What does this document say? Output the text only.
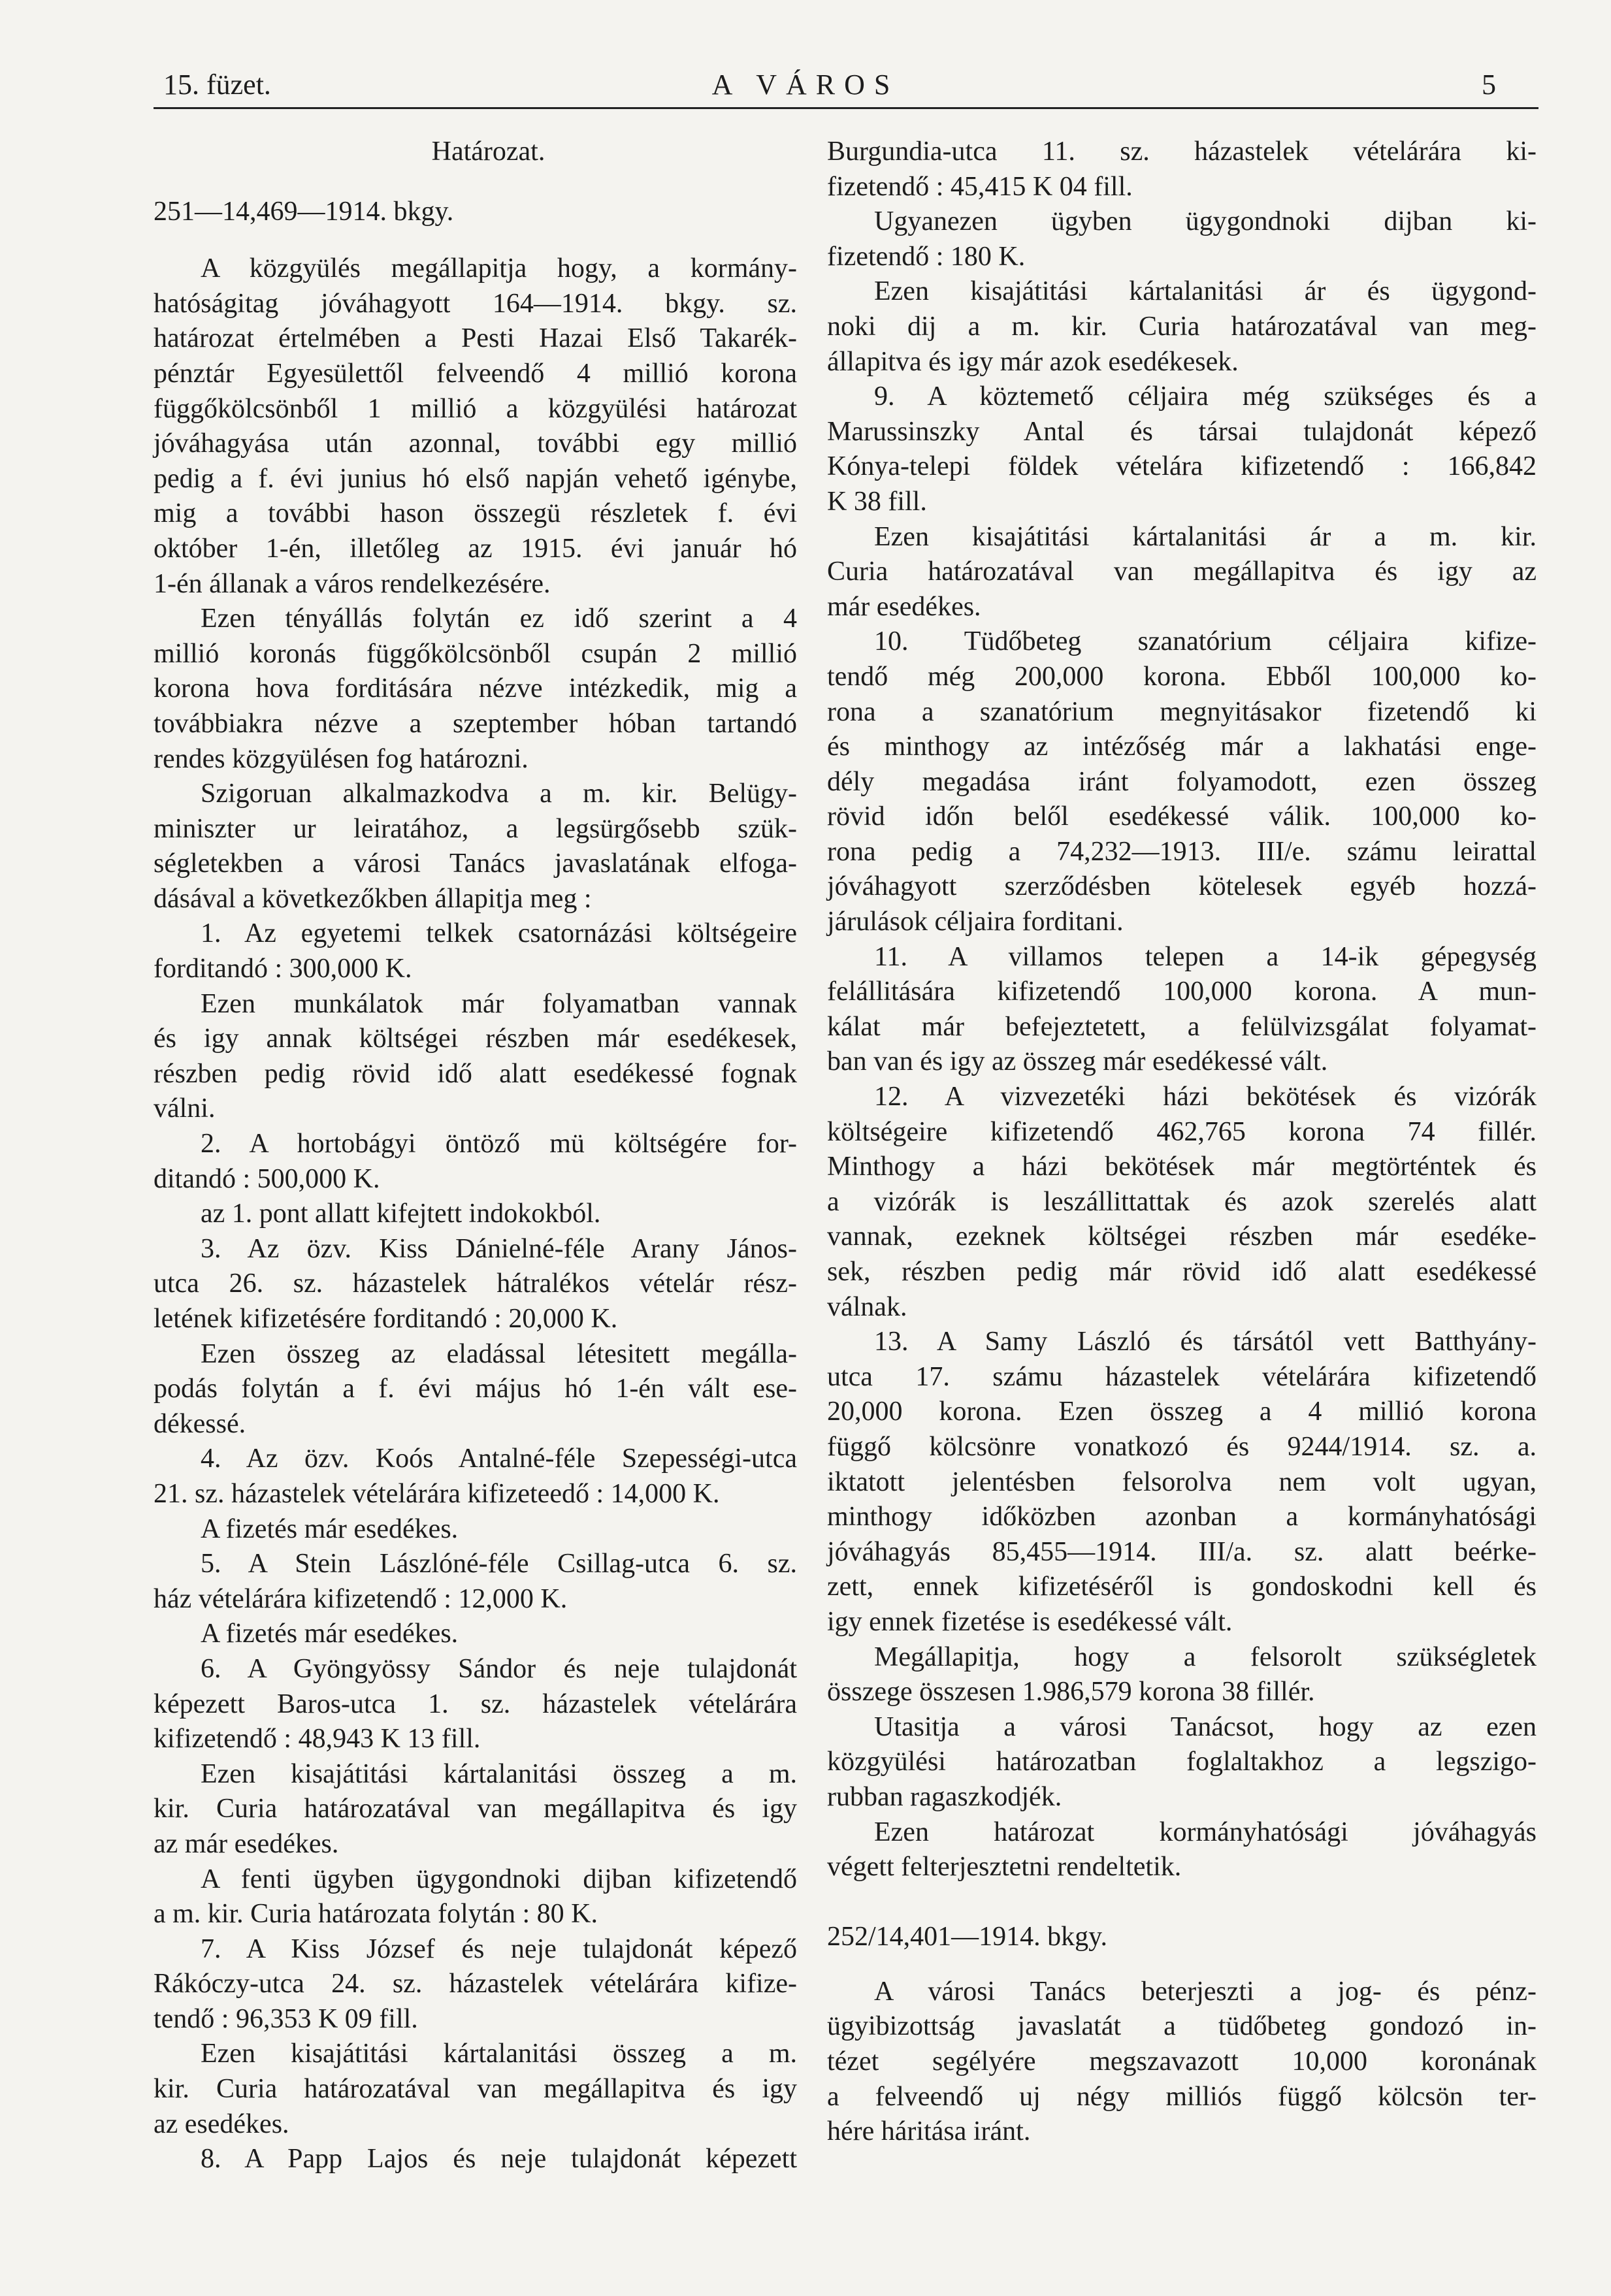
15. füzet.	A VÁROS	5
Határozat.
251—14,469—1914. bkgy.
A közgyülés megállapitja hogy, a kormány-
hatóságitag jóváhagyott 164—1914. bkgy. sz.
határozat értelmében a Pesti Hazai Első Takarék-
pénztár Egyesülettől felveendő 4 millió korona
függőkölcsönből 1 millió a közgyülési határozat
jóváhagyása után azonnal, további egy millió
pedig a f. évi junius hó első napján vehető igénybe,
mig a további hason összegü részletek f. évi
október 1-én, illetőleg az 1915. évi január hó
1-én állanak a város rendelkezésére.
Ezen tényállás folytán ez idő szerint a 4
millió koronás függőkölcsönből csupán 2 millió
korona hova forditására nézve intézkedik, mig a
továbbiakra nézve a szeptember hóban tartandó
rendes közgyülésen fog határozni.
Szigoruan alkalmazkodva a m. kir. Belügy-
miniszter ur leiratához, a legsürgősebb szük-
ségletekben a városi Tanács javaslatának elfoga-
dásával a következőkben állapitja meg :
1. Az egyetemi telkek csatornázási költségeire
forditandó : 300,000 K.
Ezen munkálatok már folyamatban vannak
és igy annak költségei részben már esedékesek,
részben pedig rövid idő alatt esedékessé fognak
válni.
2. A hortobágyi öntöző mü költségére for-
ditandó : 500,000 K.
az 1. pont allatt kifejtett indokokból.
3. Az özv. Kiss Dánielné-féle Arany János-
utca 26. sz. házastelek hátralékos vételár rész-
letének kifizetésére forditandó : 20,000 K.
Ezen összeg az eladással létesitett megálla-
podás folytán a f. évi május hó 1-én vált ese-
dékessé.
4. Az özv. Koós Antalné-féle Szepességi-utca
21. sz. házastelek vételárára kifizeteedő : 14,000 K.
A fizetés már esedékes.
5. A Stein Lászlóné-féle Csillag-utca 6. sz.
ház vételárára kifizetendő : 12,000 K.
A fizetés már esedékes.
6. A Gyöngyössy Sándor és neje tulajdonát
képezett Baros-utca 1. sz. házastelek vételárára
kifizetendő : 48,943 K 13 fill.
Ezen kisajátitási kártalanitási összeg a m.
kir. Curia határozatával van megállapitva és igy
az már esedékes.
A fenti ügyben ügygondnoki dijban kifizetendő
a m. kir. Curia határozata folytán : 80 K.
7. A Kiss József és neje tulajdonát képező
Rákóczy-utca 24. sz. házastelek vételárára kifize-
tendő : 96,353 K 09 fill.
Ezen kisajátitási kártalanitási összeg a m.
kir. Curia határozatával van megállapitva és igy
az esedékes.
8. A Papp Lajos és neje tulajdonát képezett
Burgundia-utca 11. sz. házastelek vételárára ki-
fizetendő : 45,415 K 04 fill.
Ugyanezen ügyben ügygondnoki dijban ki-
fizetendő : 180 K.
Ezen kisajátitási kártalanitási ár és ügygond-
noki dij a m. kir. Curia határozatával van meg-
állapitva és igy már azok esedékesek.
9. A köztemető céljaira még szükséges és a
Marussinszky Antal és társai tulajdonát képező
Kónya-telepi földek vételára kifizetendő : 166,842
K 38 fill.
Ezen kisajátitási kártalanitási ár a m. kir.
Curia határozatával van megállapitva és igy az
már esedékes.
10. Tüdőbeteg szanatórium céljaira kifize-
tendő még 200,000 korona. Ebből 100,000 ko-
rona a szanatórium megnyitásakor fizetendő ki
és minthogy az intézőség már a lakhatási enge-
dély megadása iránt folyamodott, ezen összeg
rövid időn belől esedékessé válik. 100,000 ko-
rona pedig a 74,232—1913. III/e. számu leirattal
jóváhagyott szerződésben kötelesek egyéb hozzá-
járulások céljaira forditani.
11. A villamos telepen a 14-ik gépegység
felállitására kifizetendő 100,000 korona. A mun-
kálat már befejeztetett, a felülvizsgálat folyamat-
ban van és igy az összeg már esedékessé vált.
12. A vizvezetéki házi bekötések és vizórák
költségeire kifizetendő 462,765 korona 74 fillér.
Minthogy a házi bekötések már megtörténtek és
a vizórák is leszállittattak és azok szerelés alatt
vannak, ezeknek költségei részben már esedéke-
sek, részben pedig már rövid idő alatt esedékessé
válnak.
13. A Samy László és társától vett Batthyány-
utca 17. számu házastelek vételárára kifizetendő
20,000 korona. Ezen összeg a 4 millió korona
függő kölcsönre vonatkozó és 9244/1914. sz. a.
iktatott jelentésben felsorolva nem volt ugyan,
minthogy időközben azonban a kormányhatósági
jóváhagyás 85,455—1914. III/a. sz. alatt beérke-
zett, ennek kifizetéséről is gondoskodni kell és
igy ennek fizetése is esedékessé vált.
Megállapitja, hogy a felsorolt szükségletek
összege összesen 1.986,579 korona 38 fillér.
Utasitja a városi Tanácsot, hogy az ezen
közgyülési határozatban foglaltakhoz a legszigo-
rubban ragaszkodjék.
Ezen határozat kormányhatósági jóváhagyás
végett felterjesztetni rendeltetik.
252/14,401—1914. bkgy.
A városi Tanács beterjeszti a jog- és pénz-
ügyibizottság javaslatát a tüdőbeteg gondozó in-
tézet segélyére megszavazott 10,000 koronának
a felveendő uj négy milliós függő kölcsön ter-
hére háritása iránt.
